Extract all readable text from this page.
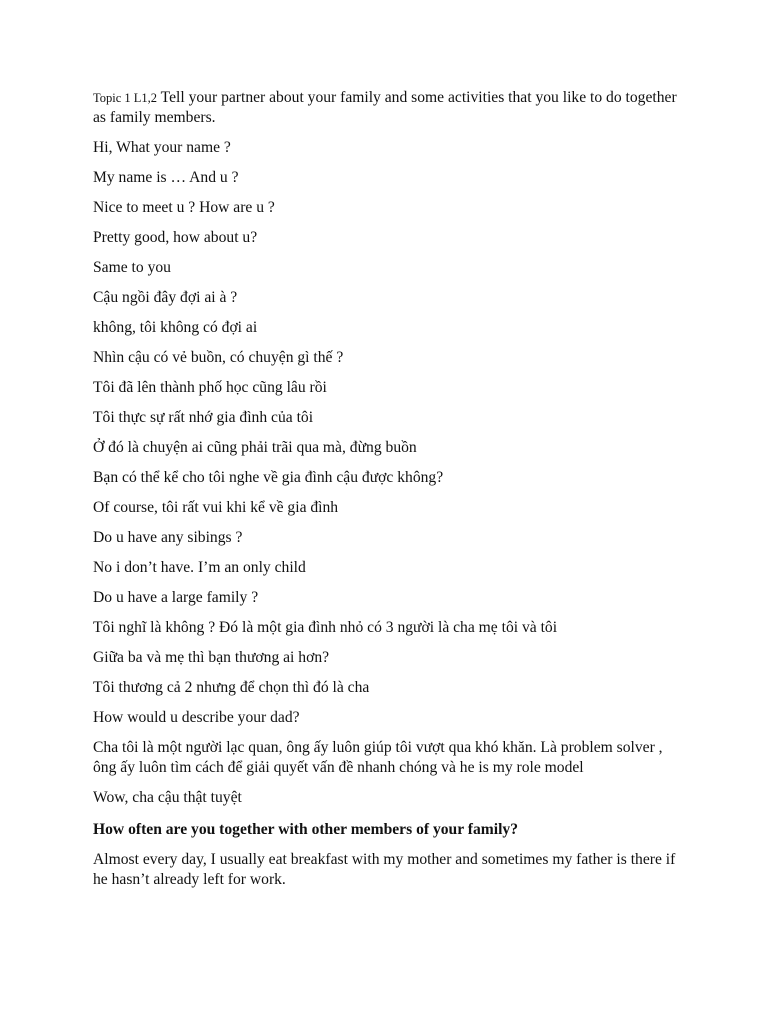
Topic 1 L1,2 Tell your partner about your family and some activities that you like to do together as family members.

Hi, What your name ?

My name is … And u ?

Nice to meet u ? How are u ?

Pretty good, how about u?

Same to you

Cậu ngồi đây đợi ai à ?

không, tôi không có đợi ai

Nhìn cậu có vẻ buồn, có chuyện gì thế ?

Tôi đã lên thành phố học cũng lâu rồi

Tôi thực sự rất nhớ gia đình của tôi

Ở đó là chuyện ai cũng phải trãi qua mà, đừng buồn

Bạn có thể kể cho tôi nghe về gia đình cậu được không?

Of course, tôi rất vui khi kể về gia đình

Do u have any sibings ?

No i don’t have. I’m an only child

Do u have a large family ?

Tôi nghĩ là không ? Đó là một gia đình nhỏ có 3 người là cha mẹ tôi và tôi

Giữa ba và mẹ thì bạn thương ai hơn?

Tôi thương cả 2 nhưng để chọn thì đó là cha

How would u describe your dad?

Cha tôi là một người lạc quan, ông ấy luôn giúp tôi vượt qua khó khăn. Là problem solver , ông ấy luôn tìm cách để giải quyết vấn đề nhanh chóng và he is my role model

Wow, cha cậu thật tuyệt

How often are you together with other members of your family?

Almost every day, I usually eat breakfast with my mother and sometimes my father is there if he hasn’t already left for work.
